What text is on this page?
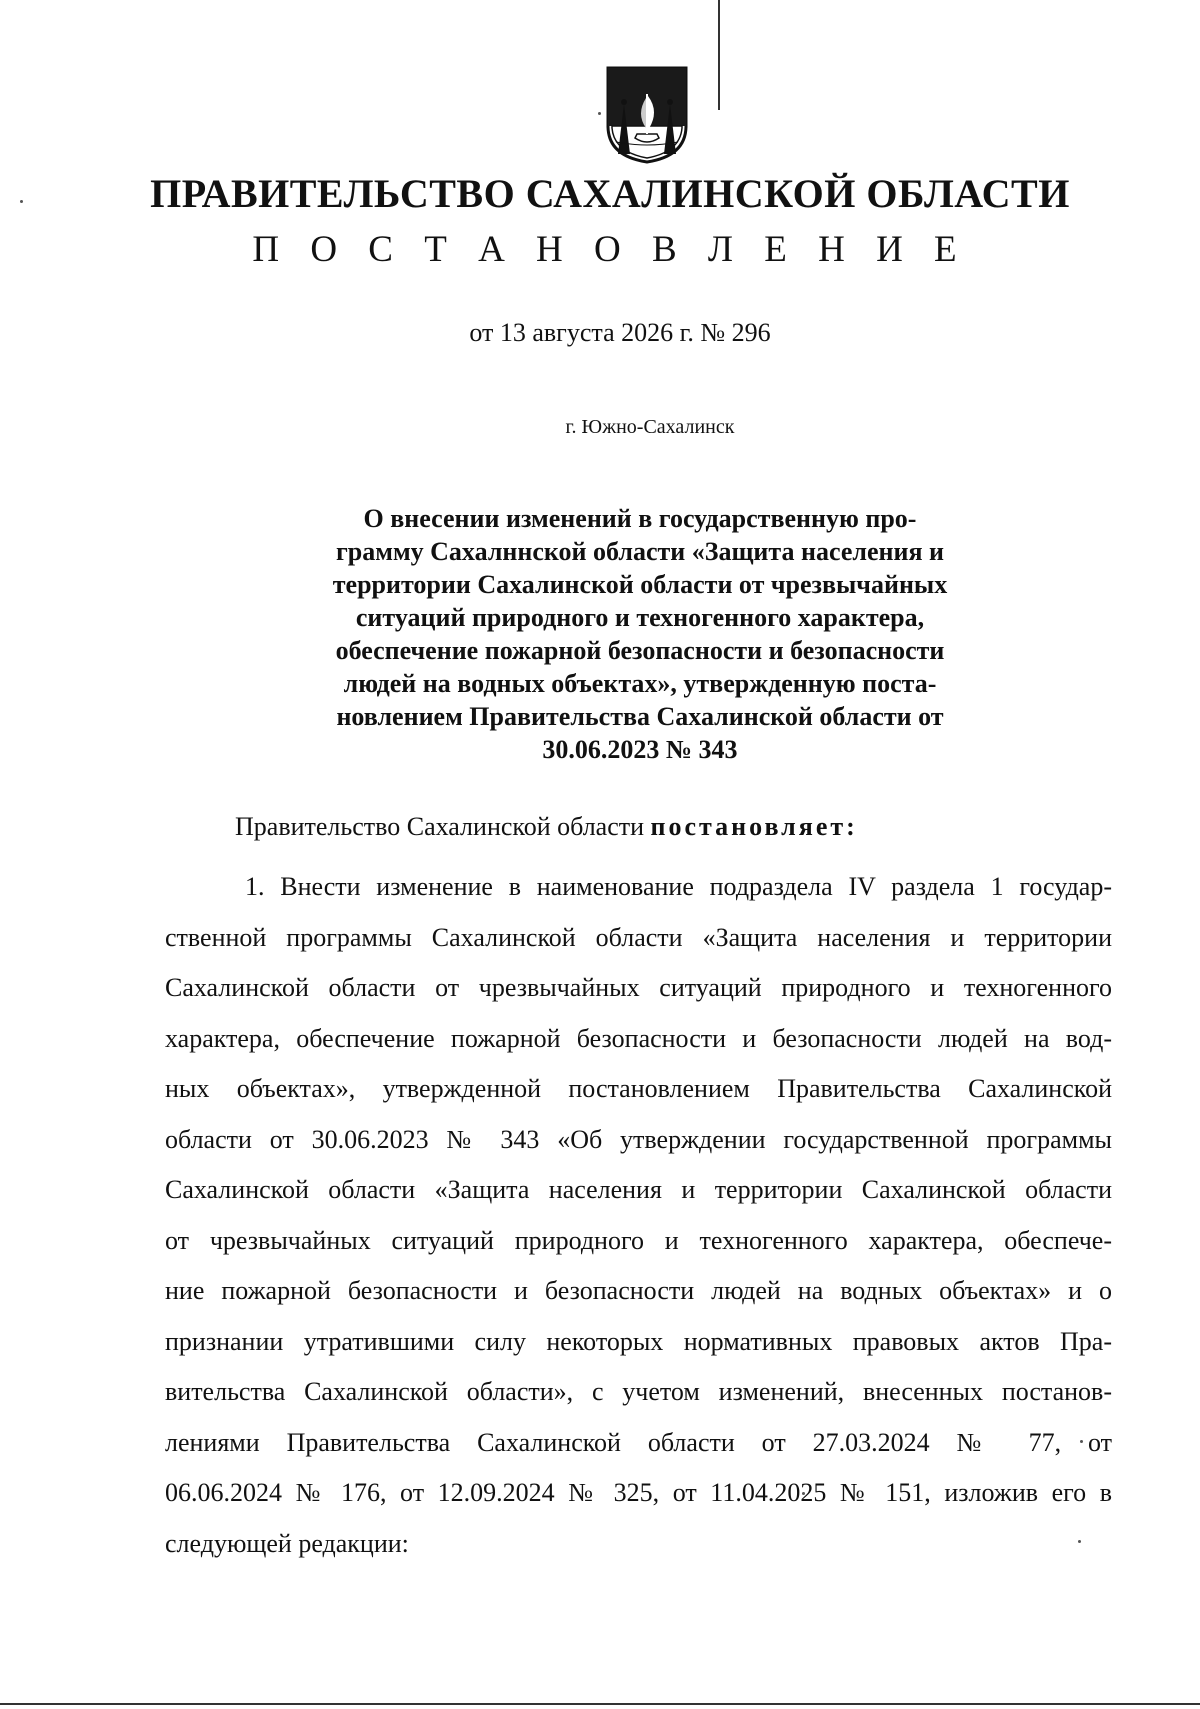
ПРАВИТЕЛЬСТВО САХАЛИНСКОЙ ОБЛАСТИ
П О С Т А Н О В Л Е Н И Е
от 13 августа 2026 г. № 296
г. Южно-Сахалинск
О внесении изменений в государственную про-
грамму Сахалннской области «Защита населения и
территории Сахалинской области от чрезвычайных
ситуаций природного и техногенного характера,
обеспечение пожарной безопасности и безопасности
людей на водных объектах», утвержденную поста-
новлением Правительства Сахалинской области от
30.06.2023 № 343
Правительство Сахалинской области постановляет:
1. Внести изменение в наименование подраздела IV раздела 1 государ-
ственной программы Сахалинской области «Защита населения и территории
Сахалинской области от чрезвычайных ситуаций природного и техногенного
характера, обеспечение пожарной безопасности и безопасности людей на вод-
ных объектах», утвержденной постановлением Правительства Сахалинской
области от 30.06.2023 № 343 «Об утверждении государственной программы
Сахалинской области «Защита населения и территории Сахалинской области
от чрезвычайных ситуаций природного и техногенного характера, обеспече-
ние пожарной безопасности и безопасности людей на водных объектах» и о
признании утратившими силу некоторых нормативных правовых актов Пра-
вительства Сахалинской области», с учетом изменений, внесенных постанов-
лениями Правительства Сахалинской области от 27.03.2024 № 77, от
06.06.2024 № 176, от 12.09.2024 № 325, от 11.04.2025 № 151, изложив его в
следующей редакции:
